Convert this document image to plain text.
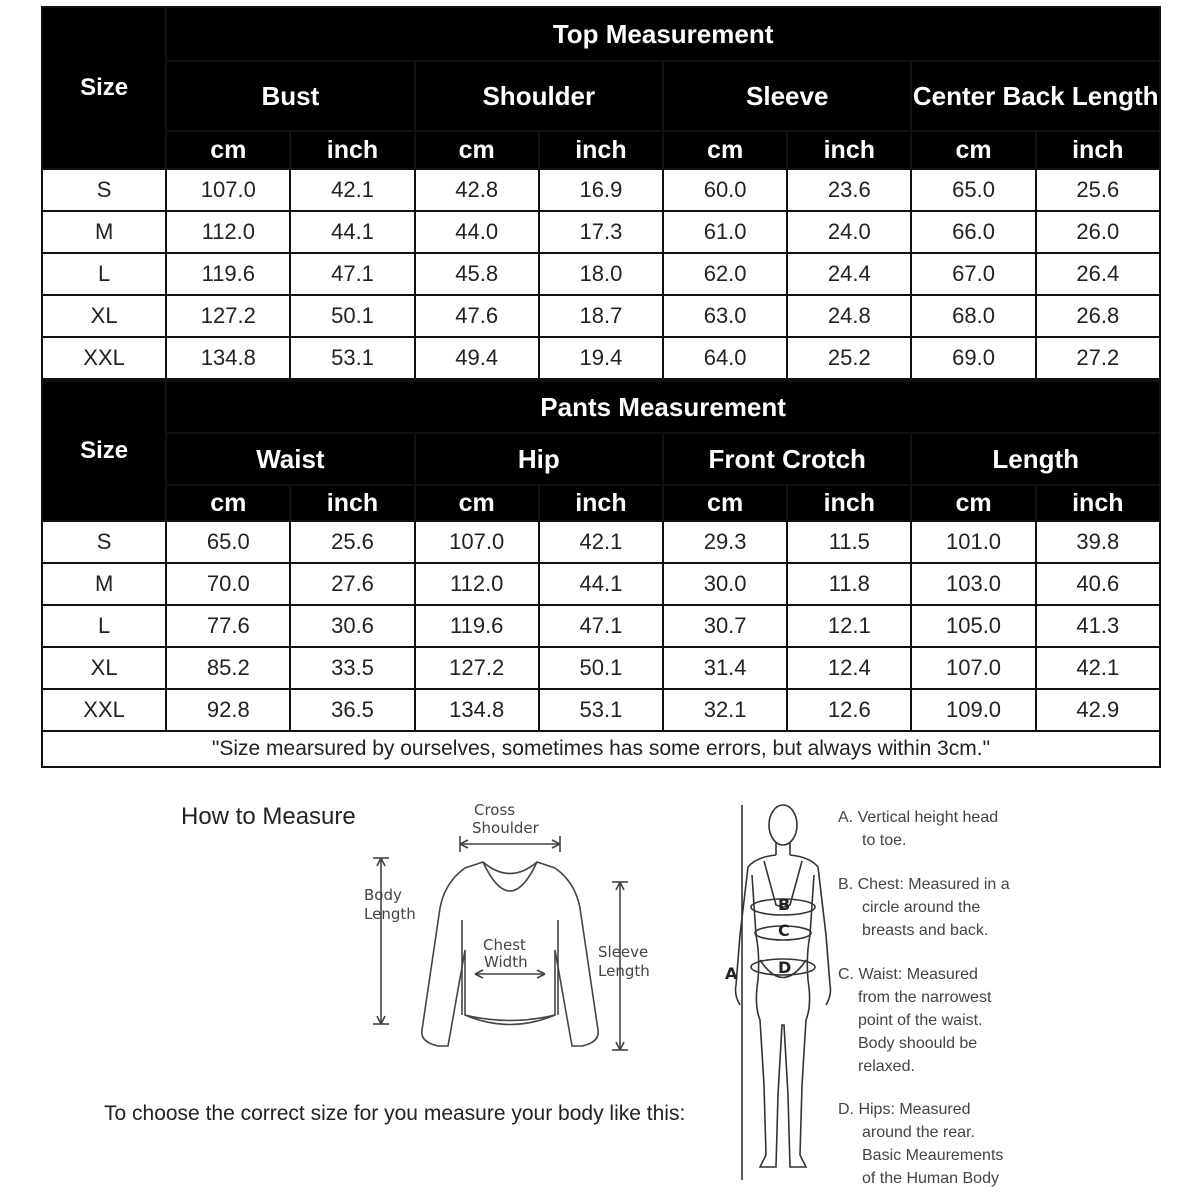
Size	Top Measurement							
	Bust		Shoulder		Sleeve		Center Back Length	
	cm	inch	cm	inch	cm	inch	cm	inch
S	107.0	42.1	42.8	16.9	60.0	23.6	65.0	25.6
M	112.0	44.1	44.0	17.3	61.0	24.0	66.0	26.0
L	119.6	47.1	45.8	18.0	62.0	24.4	67.0	26.4
XL	127.2	50.1	47.6	18.7	63.0	24.8	68.0	26.8
XXL	134.8	53.1	49.4	19.4	64.0	25.2	69.0	27.2
Size	Pants Measurement							
	Waist		Hip		Front Crotch		Length	
	cm	inch	cm	inch	cm	inch	cm	inch
S	65.0	25.6	107.0	42.1	29.3	11.5	101.0	39.8
M	70.0	27.6	112.0	44.1	30.0	11.8	103.0	40.6
L	77.6	30.6	119.6	47.1	30.7	12.1	105.0	41.3
XL	85.2	33.5	127.2	50.1	31.4	12.4	107.0	42.1
XXL	92.8	36.5	134.8	53.1	32.1	12.6	109.0	42.9
"Size mearsured by ourselves, sometimes has some errors, but always within 3cm."								
How to Measure
To choose the correct size for you measure your body like this:
Cross
Shoulder
Body
Length
Chest
Width
Sleeve
Length
B
C
D
A
A. Vertical height head
to toe.
B. Chest: Measured in a
circle around the
breasts and back.
C. Waist: Measured
from the narrowest
point of the waist.
Body shoould be
relaxed.
D. Hips: Measured
around the rear.
Basic Meaurements
of the Human Body
